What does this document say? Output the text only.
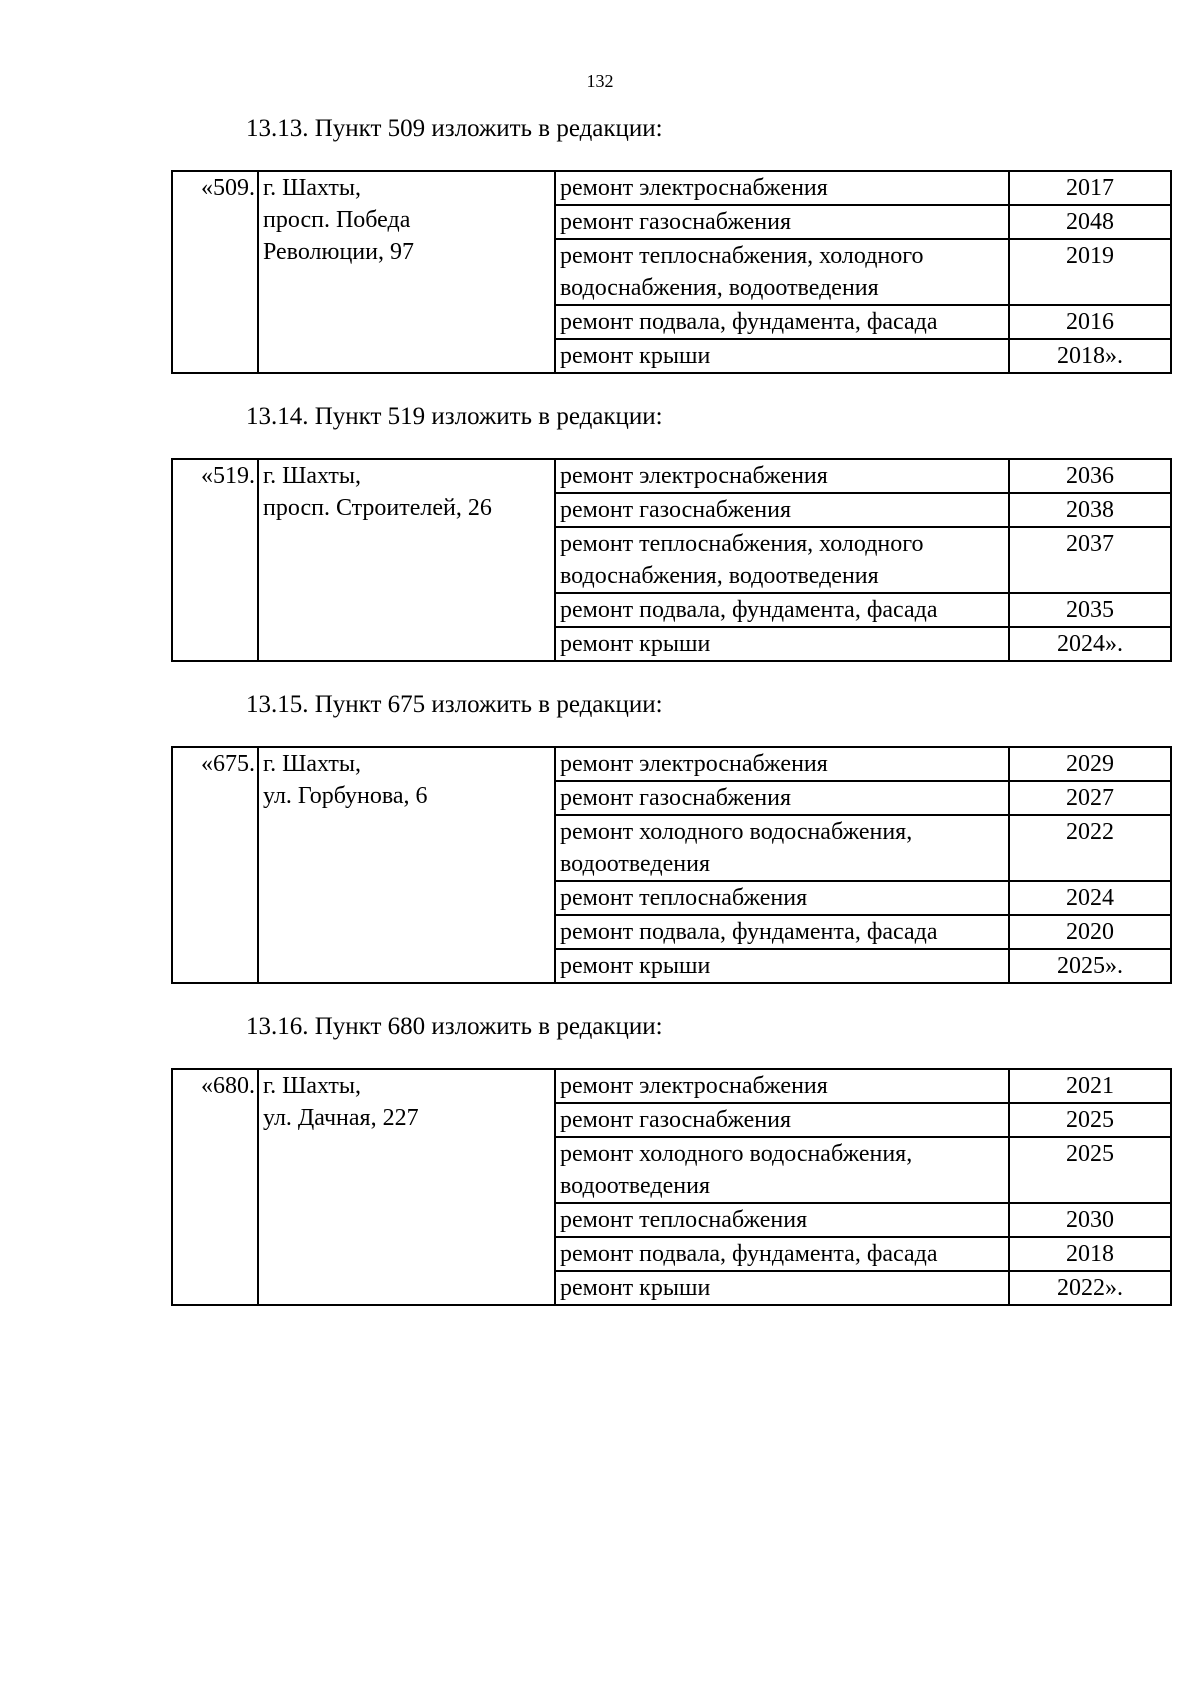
132

13.13. Пункт 509 изложить в редакции:

«509.	г. Шахты,
просп. Победа
Революции, 97	ремонт электроснабжения	2017

		ремонт газоснабжения	2048

		ремонт теплоснабжения, холодного водоснабжения, водоотведения	2019

		ремонт подвала, фундамента, фасада	2016

		ремонт крыши	2018».

13.14. Пункт 519 изложить в редакции:

«519.	г. Шахты,
просп. Строителей, 26	ремонт электроснабжения	2036

		ремонт газоснабжения	2038

		ремонт теплоснабжения, холодного водоснабжения, водоотведения	2037

		ремонт подвала, фундамента, фасада	2035

		ремонт крыши	2024».

13.15. Пункт 675 изложить в редакции:

«675.	г. Шахты,
ул. Горбунова, 6	ремонт электроснабжения	2029

		ремонт газоснабжения	2027

		ремонт холодного водоснабжения, водоотведения	2022

		ремонт теплоснабжения	2024

		ремонт подвала, фундамента, фасада	2020

		ремонт крыши	2025».

13.16. Пункт 680 изложить в редакции:

«680.	г. Шахты,
ул. Дачная, 227	ремонт электроснабжения	2021

		ремонт газоснабжения	2025

		ремонт холодного водоснабжения, водоотведения	2025

		ремонт теплоснабжения	2030

		ремонт подвала, фундамента, фасада	2018

		ремонт крыши	2022».
